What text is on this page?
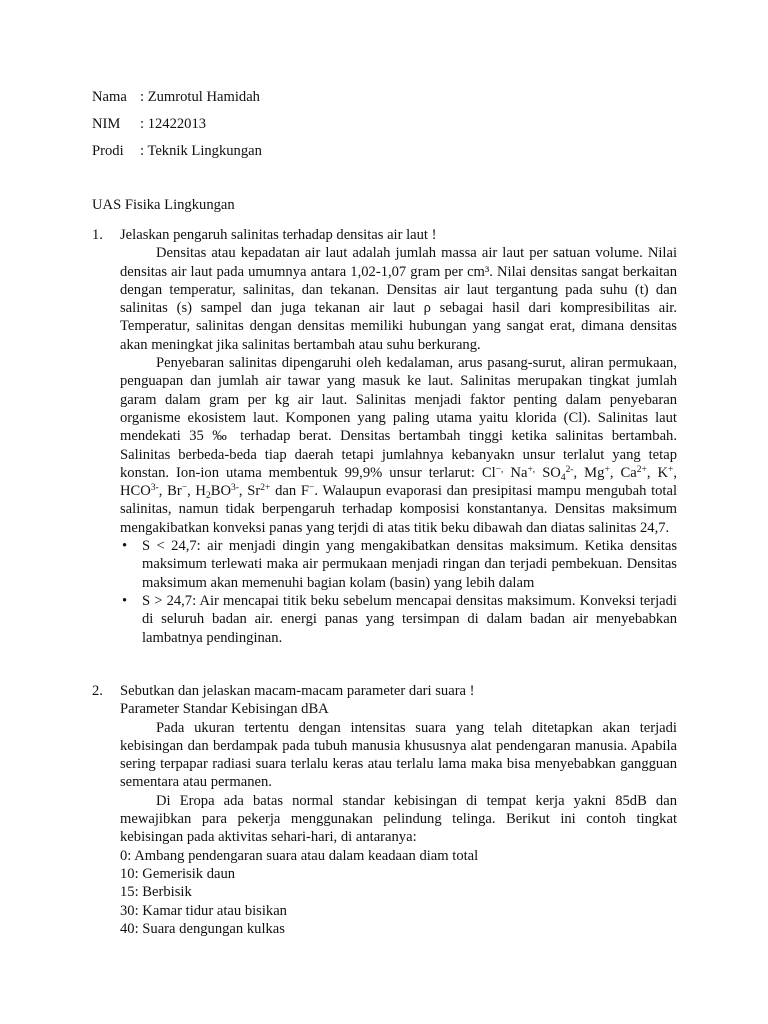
Nama : Zumrotul Hamidah
NIM	: 12422013
Prodi	: Teknik Lingkungan
UAS Fisika Lingkungan
1.	Jelaskan pengaruh salinitas terhadap densitas air laut !

Densitas atau kepadatan air laut adalah jumlah massa air laut per satuan volume. Nilai densitas air laut pada umumnya antara 1,02-1,07 gram per cm³. Nilai densitas sangat berkaitan dengan temperatur, salinitas, dan tekanan. Densitas air laut tergantung pada suhu (t) dan salinitas (s) sampel dan juga tekanan air laut ρ sebagai hasil dari kompresibilitas air. Temperatur, salinitas dengan densitas memiliki hubungan yang sangat erat, dimana densitas akan meningkat jika salinitas bertambah atau suhu berkurang.

Penyebaran salinitas dipengaruhi oleh kedalaman, arus pasang-surut, aliran permukaan, penguapan dan jumlah air tawar yang masuk ke laut. Salinitas merupakan tingkat jumlah garam dalam gram per kg air laut. Salinitas menjadi faktor penting dalam penyebaran organisme ekosistem laut. Komponen yang paling utama yaitu klorida (Cl). Salinitas laut mendekati 35 ‰ terhadap berat. Densitas bertambah tinggi ketika salinitas bertambah. Salinitas berbeda-beda tiap daerah tetapi jumlahnya kebanyakn unsur terlalut yang tetap konstan. Ion-ion utama membentuk 99,9% unsur terlarut: Cl−, Na+, $SO_4^{2-}$, Mg+, $Ca^{2+}$, K+, $HCO^{3-}$, Br−, $H_2BO^{3-}$, $Sr^{2+}$ dan F−. Walaupun evaporasi dan presipitasi mampu mengubah total salinitas, namun tidak berpengaruh terhadap komposisi konstantanya. Densitas maksimum mengakibatkan konveksi panas yang terjdi di atas titik beku dibawah dan diatas salinitas 24,7.

•	S < 24,7: air menjadi dingin yang mengakibatkan densitas maksimum. Ketika densitas maksimum terlewati maka air permukaan menjadi ringan dan terjadi pembekuan. Densitas maksimum akan memenuhi bagian kolam (basin) yang lebih dalam
•	S > 24,7: Air mencapai titik beku sebelum mencapai densitas maksimum. Konveksi terjadi di seluruh badan air. energi panas yang tersimpan di dalam badan air menyebabkan lambatnya pendinginan.
2.	Sebutkan dan jelaskan macam-macam parameter dari suara !

Parameter Standar Kebisingan dBA

Pada ukuran tertentu dengan intensitas suara yang telah ditetapkan akan terjadi kebisingan dan berdampak pada tubuh manusia khususnya alat pendengaran manusia. Apabila sering terpapar radiasi suara terlalu keras atau terlalu lama maka bisa menyebabkan gangguan sementara atau permanen.

Di Eropa ada batas normal standar kebisingan di tempat kerja yakni 85dB dan mewajibkan para pekerja menggunakan pelindung telinga. Berikut ini contoh tingkat kebisingan pada aktivitas sehari-hari, di antaranya:

0: Ambang pendengaran suara atau dalam keadaan diam total

10: Gemerisik daun

15: Berbisik

30: Kamar tidur atau bisikan

40: Suara dengungan kulkas
